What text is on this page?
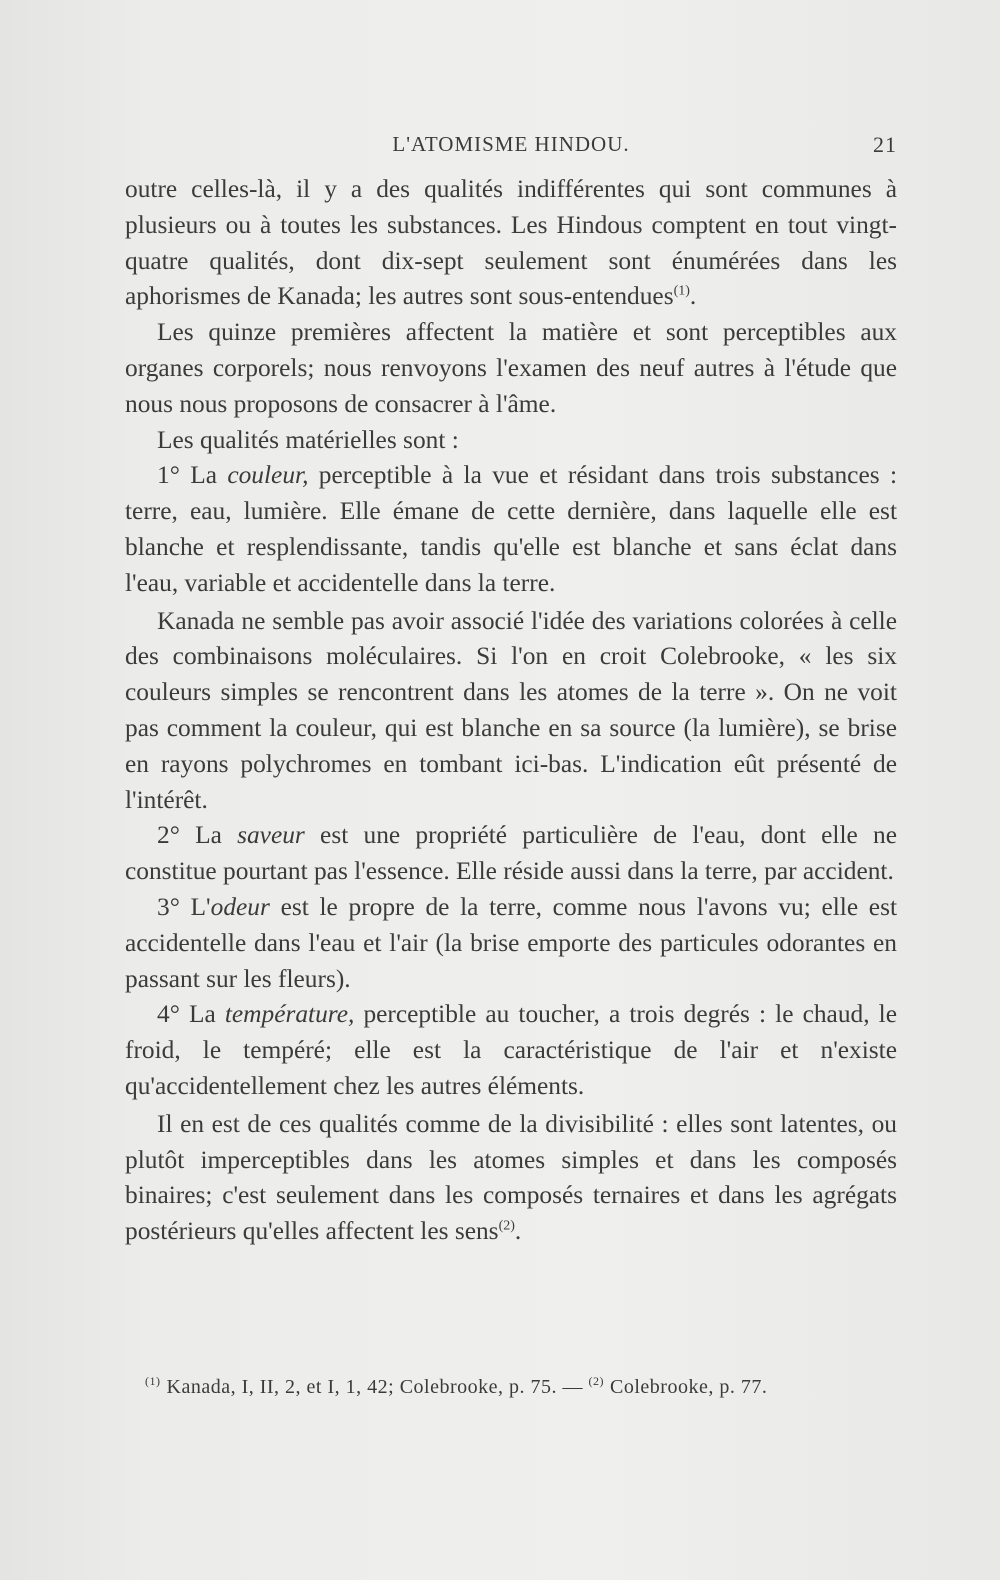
L'ATOMISME HINDOU.	21

outre celles-là, il y a des qualités indifférentes qui sont communes à plusieurs ou à toutes les substances. Les Hindous comptent en tout vingt-quatre qualités, dont dix-sept seulement sont énumérées dans les aphorismes de Kanada; les autres sont sous-entendues$^{(1)}$.

Les quinze premières affectent la matière et sont perceptibles aux organes corporels; nous renvoyons l'examen des neuf autres à l'étude que nous nous proposons de consacrer à l'âme.

Les qualités matérielles sont :

1° La couleur, perceptible à la vue et résidant dans trois substances : terre, eau, lumière. Elle émane de cette dernière, dans laquelle elle est blanche et resplendissante, tandis qu'elle est blanche et sans éclat dans l'eau, variable et accidentelle dans la terre.

Kanada ne semble pas avoir associé l'idée des variations colorées à celle des combinaisons moléculaires. Si l'on en croit Colebrooke, « les six couleurs simples se rencontrent dans les atomes de la terre ». On ne voit pas comment la couleur, qui est blanche en sa source (la lumière), se brise en rayons polychromes en tombant ici-bas. L'indication eût présenté de l'intérêt.

2° La saveur est une propriété particulière de l'eau, dont elle ne constitue pourtant pas l'essence. Elle réside aussi dans la terre, par accident.

3° L'odeur est le propre de la terre, comme nous l'avons vu; elle est accidentelle dans l'eau et l'air (la brise emporte des particules odorantes en passant sur les fleurs).

4° La température, perceptible au toucher, a trois degrés : le chaud, le froid, le tempéré; elle est la caractéristique de l'air et n'existe qu'accidentellement chez les autres éléments.

Il en est de ces qualités comme de la divisibilité : elles sont latentes, ou plutôt imperceptibles dans les atomes simples et dans les composés binaires; c'est seulement dans les composés ternaires et dans les agrégats postérieurs qu'elles affectent les sens$^{(2)}$.

$^{(1)}$ Kanada, I, II, 2, et I, 1, 42; Colebrooke, p. 75. — $^{(2)}$ Colebrooke, p. 77.
